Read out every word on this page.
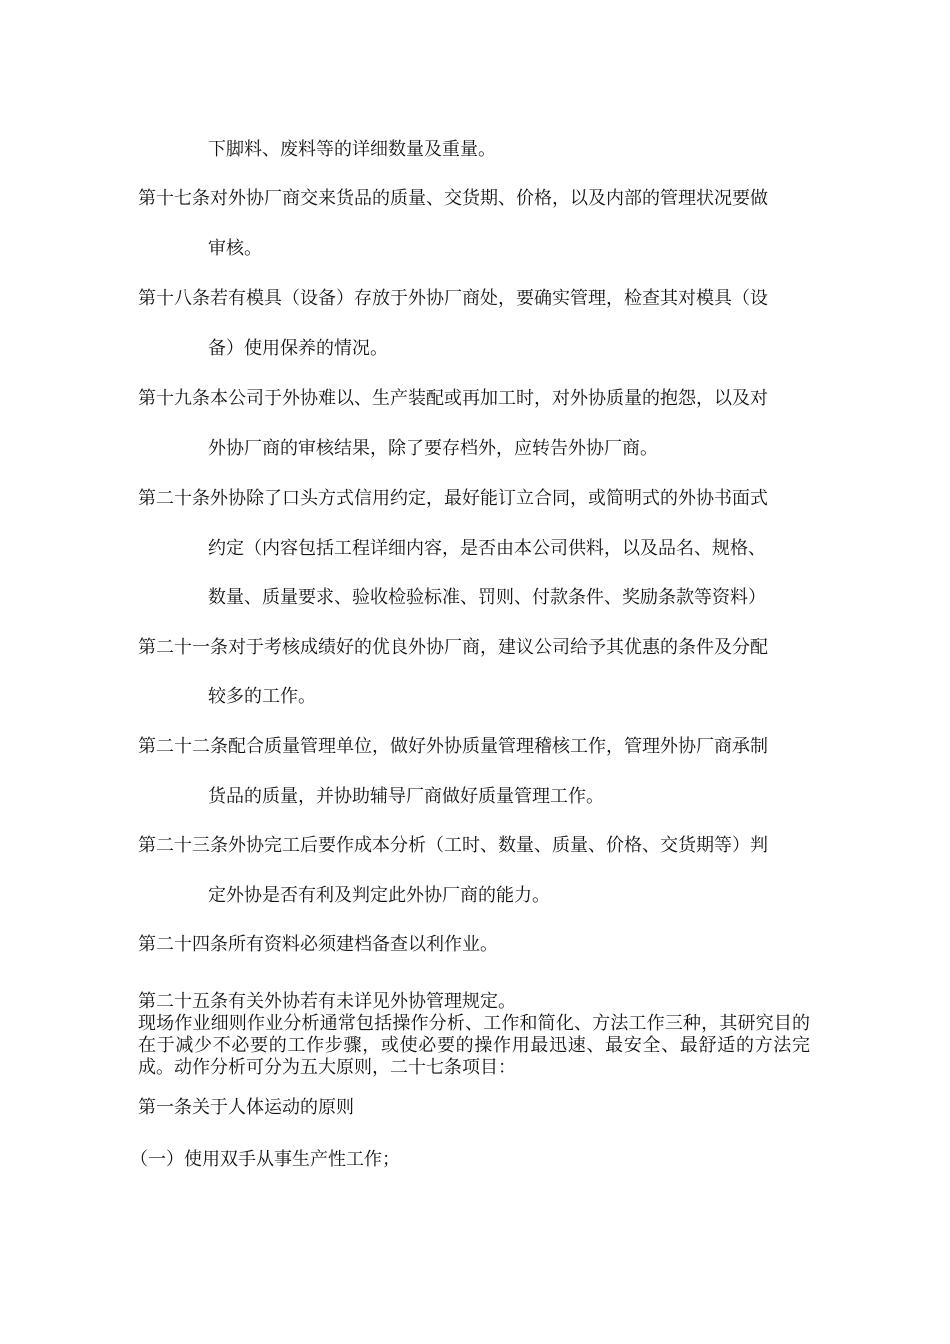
下脚料、废料等的详细数量及重量。
第十七条对外协厂商交来货品的质量、交货期、价格，以及内部的管理状况要做
审核。
第十八条若有模具（设备）存放于外协厂商处，要确实管理，检查其对模具（设
备）使用保养的情况。
第十九条本公司于外协难以、生产装配或再加工时，对外协质量的抱怨，以及对
外协厂商的审核结果，除了要存档外，应转告外协厂商。
第二十条外协除了口头方式信用约定，最好能订立合同，或简明式的外协书面式
约定（内容包括工程详细内容，是否由本公司供料，以及品名、规格、
数量、质量要求、验收检验标准、罚则、付款条件、奖励条款等资料）
第二十一条对于考核成绩好的优良外协厂商，建议公司给予其优惠的条件及分配
较多的工作。
第二十二条配合质量管理单位，做好外协质量管理稽核工作，管理外协厂商承制
货品的质量，并协助辅导厂商做好质量管理工作。
第二十三条外协完工后要作成本分析（工时、数量、质量、价格、交货期等）判
定外协是否有利及判定此外协厂商的能力。
第二十四条所有资料必须建档备查以利作业。
第二十五条有关外协若有未详见外协管理规定。
现场作业细则作业分析通常包括操作分析、工作和简化、方法工作三种，其研究目的在于减少不必要的工作步骤，或使必要的操作用最迅速、最安全、最舒适的方法完成。动作分析可分为五大原则，二十七条项目：
第一条关于人体运动的原则
（一）使用双手从事生产性工作；
